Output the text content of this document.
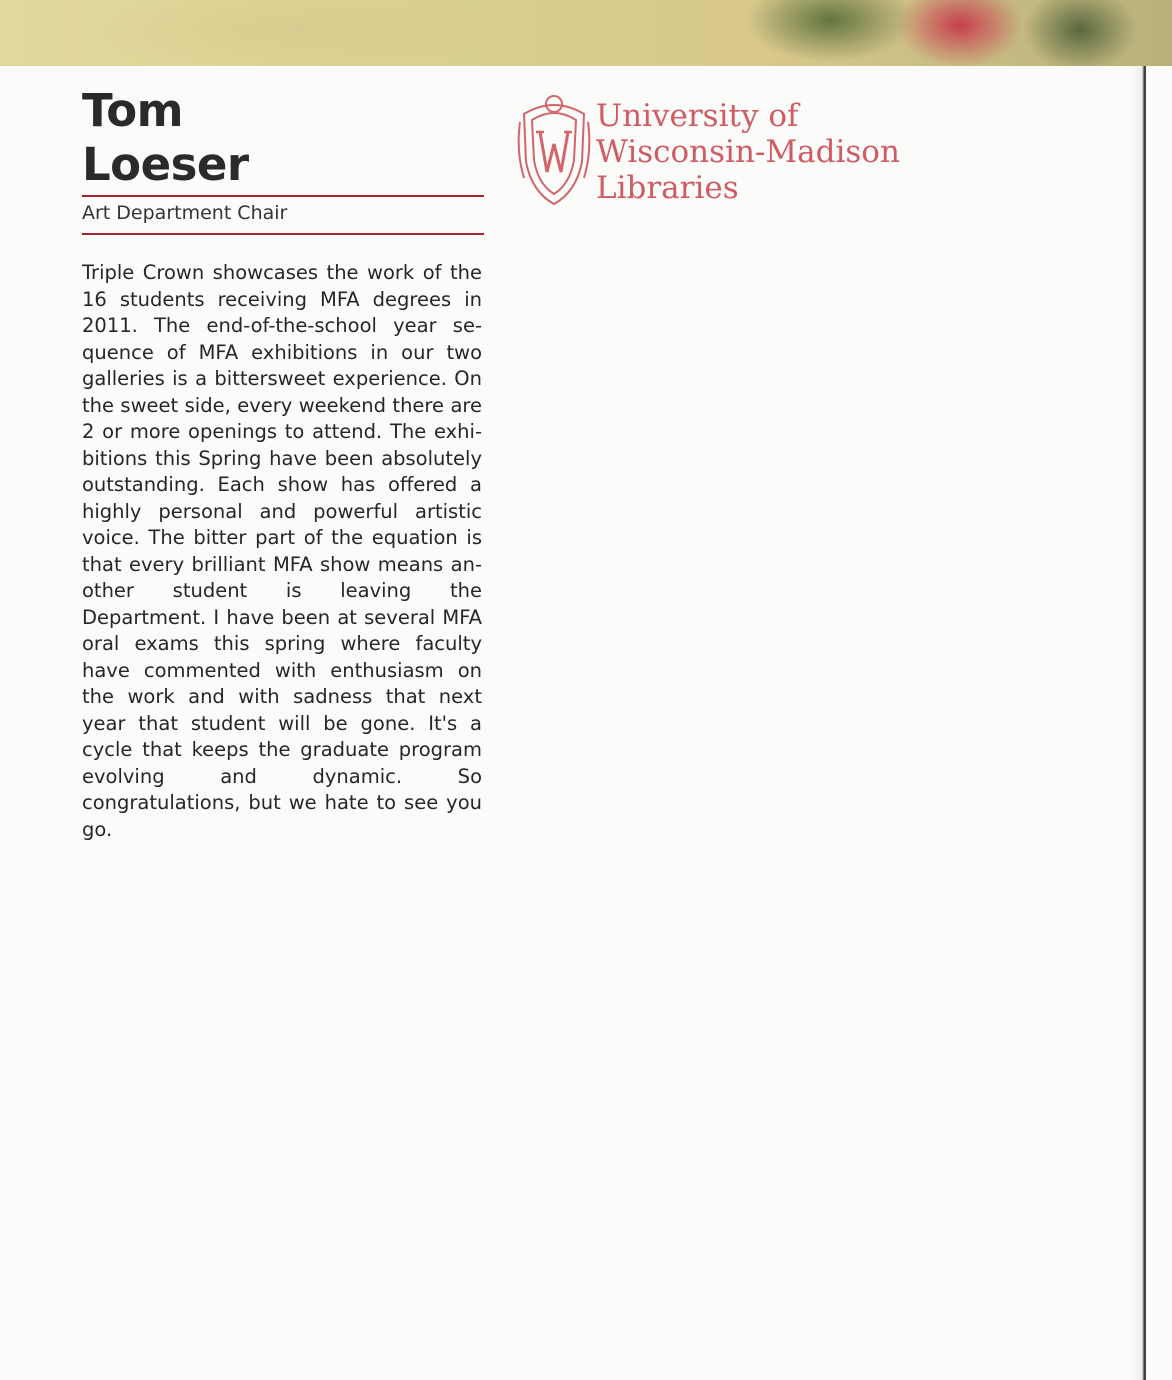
Tom
Loeser
Art Department Chair

Triple Crown showcases the work of the 16 students receiving MFA degrees in 2011. The end-of-the-school year sequence of MFA exhibitions in our two galleries is a bittersweet experience. On the sweet side, every weekend there are 2 or more openings to attend. The exhibitions this Spring have been absolutely outstanding. Each show has offered a highly personal and powerful artistic voice. The bitter part of the equation is that every brilliant MFA show means another student is leaving the Department. I have been at several MFA oral exams this spring where faculty have commented with enthusiasm on the work and with sadness that next year that student will be gone. It's a cycle that keeps the graduate program evolving and dynamic. So congratulations, but we hate to see you go.

University of
Wisconsin-Madison
Libraries
